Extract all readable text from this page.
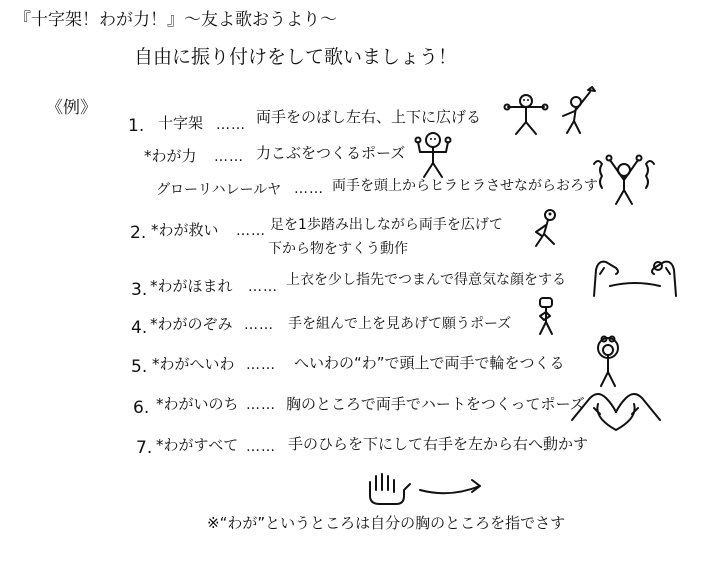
『十字架！わが力！』〜友よ歌おうより〜
自由に振り付けをして歌いましょう！
《例》
1. 十字架 …… 両手をのばし左右、上下に広げる
*わが力 …… 力こぶをつくるポーズ
グローリハレールヤ …… 両手を頭上からヒラヒラさせながらおろす
2. *わが救い …… 足を1歩踏み出しながら両手を広げて
下から物をすくう動作
3. *わがほまれ …… 上衣を少し指先でつまんで得意気な顔をする
4. *わがのぞみ …… 手を組んで上を見あげて願うポーズ
5. *わがへいわ …… へいわの“わ”で頭上で両手で輪をつくる
6. *わがいのち …… 胸のところで両手でハートをつくってポーズ
7. *わがすべて …… 手のひらを下にして右手を左から右へ動かす
※“わが”というところは自分の胸のところを指でさす
